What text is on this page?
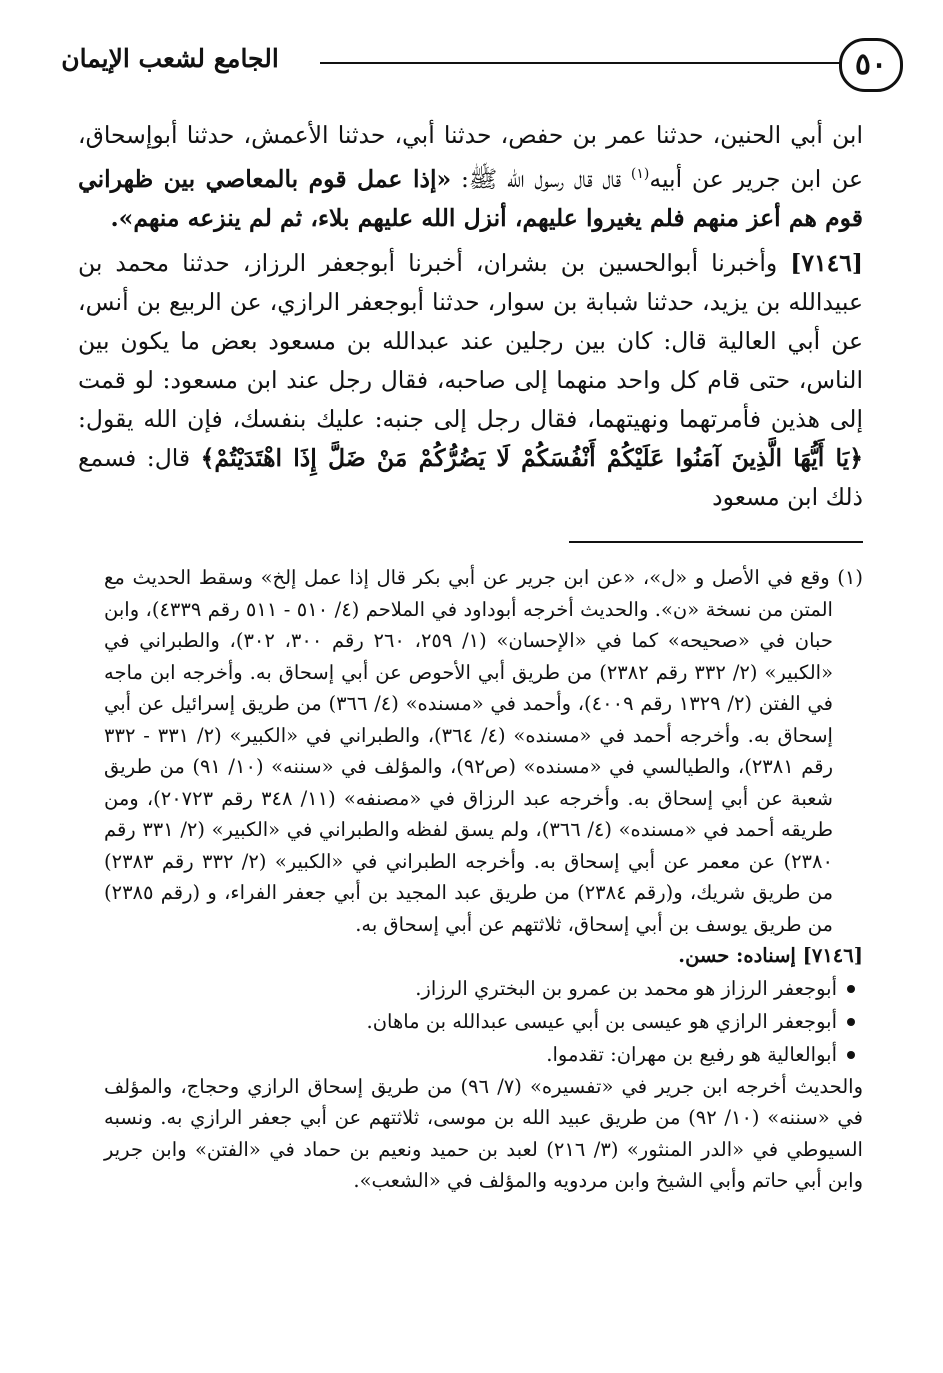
٥٠
الجامع لشعب الإيمان

ابن أبي الحنين، حدثنا عمر بن حفص، حدثنا أبي، حدثنا الأعمش، حدثنا أبوإسحاق، عن ابن جرير عن أبيه$^{(١)}$ قال قال رسول الله ﷺ: «إذا عمل قوم بالمعاصي بين ظهراني قوم هم أعز منهم فلم يغيروا عليهم، أنزل الله عليهم بلاء، ثم لم ينزعه منهم».

[٧١٤٦] وأخبرنا أبوالحسين بن بشران، أخبرنا أبوجعفر الرزاز، حدثنا محمد بن عبيدالله بن يزيد، حدثنا شبابة بن سوار، حدثنا أبوجعفر الرازي، عن الربيع بن أنس، عن أبي العالية قال: كان بين رجلين عند عبدالله بن مسعود بعض ما يكون بين الناس، حتى قام كل واحد منهما إلى صاحبه، فقال رجل عند ابن مسعود: لو قمت إلى هذين فأمرتهما ونهيتهما، فقال رجل إلى جنبه: عليك بنفسك، فإن الله يقول: ﴿يَا أَيُّهَا الَّذِينَ آمَنُوا عَلَيْكُمْ أَنْفُسَكُمْ لَا يَضُرُّكُمْ مَنْ ضَلَّ إِذَا اهْتَدَيْتُمْ﴾ قال: فسمع ذلك ابن مسعود

(١) وقع في الأصل و «ل»، «عن ابن جرير عن أبي بكر قال إذا عمل إلخ» وسقط الحديث مع المتن من نسخة «ن». والحديث أخرجه أبوداود في الملاحم (٤/ ٥١٠ - ٥١١ رقم ٤٣٣٩)، وابن حبان في «صحيحه» كما في «الإحسان» (١/ ٢٥٩، ٢٦٠ رقم ٣٠٠، ٣٠٢)، والطبراني في «الكبير» (٢/ ٣٣٢ رقم ٢٣٨٢) من طريق أبي الأحوص عن أبي إسحاق به. وأخرجه ابن ماجه في الفتن (٢/ ١٣٢٩ رقم ٤٠٠٩)، وأحمد في «مسنده» (٤/ ٣٦٦) من طريق إسرائيل عن أبي إسحاق به. وأخرجه أحمد في «مسنده» (٤/ ٣٦٤)، والطبراني في «الكبير» (٢/ ٣٣١ - ٣٣٢ رقم ٢٣٨١)، والطيالسي في «مسنده» (ص٩٢)، والمؤلف في «سننه» (١٠/ ٩١) من طريق شعبة عن أبي إسحاق به. وأخرجه عبد الرزاق في «مصنفه» (١١/ ٣٤٨ رقم ٢٠٧٢٣)، ومن طريقه أحمد في «مسنده» (٤/ ٣٦٦)، ولم يسق لفظه والطبراني في «الكبير» (٢/ ٣٣١ رقم ٢٣٨٠) عن معمر عن أبي إسحاق به. وأخرجه الطبراني في «الكبير» (٢/ ٣٣٢ رقم ٢٣٨٣) من طريق شريك، و(رقم ٢٣٨٤) من طريق عبد المجيد بن أبي جعفر الفراء، و (رقم ٢٣٨٥) من طريق يوسف بن أبي إسحاق، ثلاثتهم عن أبي إسحاق به.

[٧١٤٦] إسناده: حسن.

أبوجعفر الرزاز هو محمد بن عمرو بن البختري الرزاز.
أبوجعفر الرازي هو عيسى بن أبي عيسى عبدالله بن ماهان.
أبوالعالية هو رفيع بن مهران: تقدموا.

والحديث أخرجه ابن جرير في «تفسيره» (٧/ ٩٦) من طريق إسحاق الرازي وحجاج، والمؤلف في «سننه» (١٠/ ٩٢) من طريق عبيد الله بن موسى، ثلاثتهم عن أبي جعفر الرازي به. ونسبه السيوطي في «الدر المنثور» (٣/ ٢١٦) لعبد بن حميد ونعيم بن حماد في «الفتن» وابن جرير وابن أبي حاتم وأبي الشيخ وابن مردويه والمؤلف في «الشعب».
